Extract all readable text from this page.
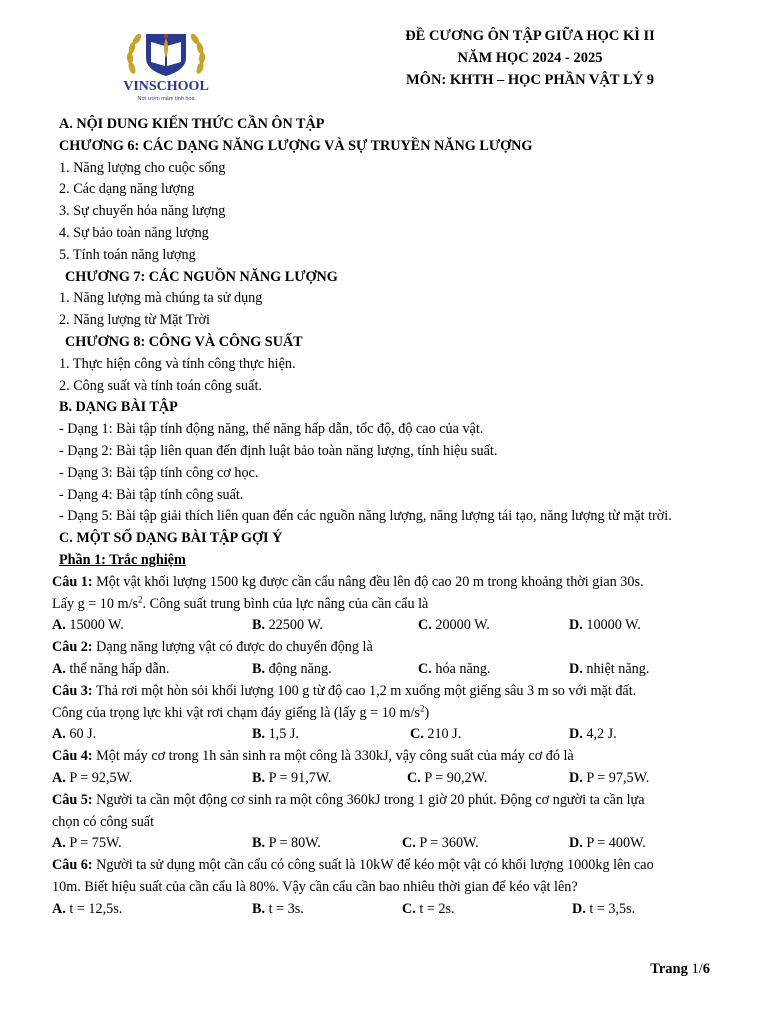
VINSCHOOL
Nơi ươm mầm tinh hoa
ĐỀ CƯƠNG ÔN TẬP GIỮA HỌC KÌ II
NĂM HỌC 2024 - 2025
MÔN: KHTH – HỌC PHẦN VẬT LÝ 9
A. NỘI DUNG KIẾN THỨC CẦN ÔN TẬP
CHƯƠNG 6: CÁC DẠNG NĂNG LƯỢNG VÀ SỰ TRUYỀN NĂNG LƯỢNG
1. Năng lượng cho cuộc sống
2. Các dạng năng lượng
3. Sự chuyển hóa năng lượng
4. Sự bảo toàn năng lượng
5. Tính toán năng lượng
CHƯƠNG 7: CÁC NGUỒN NĂNG LƯỢNG
1. Năng lượng mà chúng ta sử dụng
2. Năng lượng từ Mặt Trời
CHƯƠNG 8: CÔNG VÀ CÔNG SUẤT
1. Thực hiện công và tính công thực hiện.
2. Công suất và tính toán công suất.
B. DẠNG BÀI TẬP
- Dạng 1: Bài tập tính động năng, thế năng hấp dẫn, tốc độ, độ cao của vật.
- Dạng 2: Bài tập liên quan đến định luật bảo toàn năng lượng, tính hiệu suất.
- Dạng 3: Bài tập tính công cơ học.
- Dạng 4: Bài tập tính công suất.
- Dạng 5: Bài tập giải thích liên quan đến các nguồn năng lượng, năng lượng tái tạo, năng lượng từ mặt trời.
C. MỘT SỐ DẠNG BÀI TẬP GỢI Ý
Phần 1: Trắc nghiệm
Câu 1: Một vật khối lượng 1500 kg được cần cẩu nâng đều lên độ cao 20 m trong khoảng thời gian 30s.
Lấy g = 10 $m/s^2$. Công suất trung bình của lực nâng của cần cẩu là
A. 15000 W.	B. 22500 W.	C. 20000 W.	D. 10000 W.
Câu 2: Dạng năng lượng vật có được do chuyển động là
A. thế năng hấp dẫn.	B. động năng.	C. hóa năng.	D. nhiệt năng.
Câu 3: Thả rơi một hòn sỏi khối lượng 100 g từ độ cao 1,2 m xuống một giếng sâu 3 m so với mặt đất.
Công của trọng lực khi vật rơi chạm đáy giếng là (lấy g = 10 $m/s^2$)
A. 60 J.	B. 1,5 J.	C. 210 J.	D. 4,2 J.
Câu 4: Một máy cơ trong 1h sản sinh ra một công là 330kJ, vậy công suất của máy cơ đó là
A. P = 92,5W.	B. P = 91,7W.	C. P = 90,2W.	D. P = 97,5W.
Câu 5: Người ta cần một động cơ sinh ra một công 360kJ trong 1 giờ 20 phút. Động cơ người ta cần lựa
chọn có công suất
A. P = 75W.	B. P = 80W.	C. P = 360W.	D. P = 400W.
Câu 6: Người ta sử dụng một cần cẩu có công suất là 10kW để kéo một vật có khối lượng 1000kg lên cao
10m. Biết hiệu suất của cần cẩu là 80%. Vậy cần cẩu cần bao nhiêu thời gian để kéo vật lên?
A. t = 12,5s.	B. t = 3s.	C. t = 2s.	D. t = 3,5s.
Trang 1/6
